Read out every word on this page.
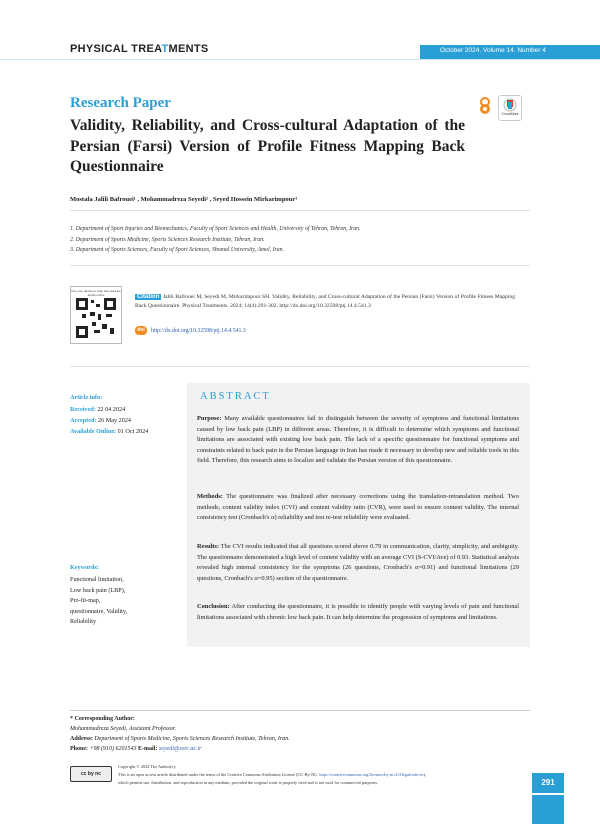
PHYSICAL TREATMENTS	October 2024. Volume 14. Number 4
Research Paper
Validity, Reliability, and Cross-cultural Adaptation of the Persian (Farsi) Version of Profile Fitness Mapping Back Questionnaire
CrossMark
Mostafa Jalili Bafrouei¹ , Mohammadreza Seyedi² , Seyed Hossein Mirkarimpour³
1. Department of Sport Injuries and Biomechanics, Faculty of Sport Sciences and Health, University of Tehran, Tehran, Iran.
2. Department of Sports Medicine, Sports Sciences Research Institute, Tehran, Iran.
3. Department of Sports Sciences, Faculty of Sport Sciences, Shomal University, Amol, Iran.
Use your device to scan and read the article online	Citation Jalili Bafrouei M, Seyedi M, Mirkarimpour SH. Validity, Reliability, and Cross-cultural Adaptation of the Persian (Farsi) Version of Profile Fitness Mapping Back Questionnaire. Physical Treatments. 2024; 14(4):291-302. http://dx.doi.org/10.32598/ptj.14.4.541.3
doi	http://dx.doi.org/10.32598/ptj.14.4.541.3
Article info:
Received: 22 04 2024
Accepted: 26 May 2024
Available Online: 01 Oct 2024
Keywords:
Functional limitation,
Low back pain (LBP),
Pro-fit-map,
questionnaire, Validity,
Reliability
ABSTRACT
Purpose: Many available questionnaires fail to distinguish between the severity of symptoms and functional limitations caused by low back pain (LBP) in different areas. Therefore, it is difficult to determine which symptoms and functional limitations are associated with existing low back pain. The lack of a specific questionnaire for functional symptoms and constraints related to back pain in the Persian language in Iran has made it necessary to develop new and reliable tools in this field. Therefore, this research aims to localize and validate the Persian version of this questionnaire.
Methods: The questionnaire was finalized after necessary corrections using the translation-retranslation method. Two methods, content validity index (CVI) and content validity ratio (CVR), were used to ensure content validity. The internal consistency test (Cronbach's α) reliability and test re-test reliability were evaluated.
Results: The CVI results indicated that all questions scored above 0.79 in communication, clarity, simplicity, and ambiguity. The questionnaire demonstrated a high level of content validity with an average CVI (S-CVI/Ave) of 0.93. Statistical analysis revealed high internal consistency for the symptoms (26 questions, Cronbach's α=0.91) and functional limitations (29 questions, Cronbach's α=0.95) section of the questionnaire.
Conclusion: After conducting the questionnaire, it is possible to identify people with varying levels of pain and functional limitations associated with chronic low back pain. It can help determine the progression of symptoms and limitations.
* Corresponding Author:
Mohammadreza Seyedi, Assistant Professor.
Address: Department of Sports Medicine, Sports Sciences Research Institute, Tehran, Iran.
Phone: +98 (910) 6201543 E-mail: seyedi@ssrc.ac.ir
cc by nc
Copyright © 2024 The Author(s);
This is an open access article distributed under the terms of the Creative Commons Attribution License (CC-By-NC: https://creativecommons.org/licenses/by-nc/4.0/legalcode.en),
which permits use, distribution, and reproduction in any medium, provided the original work is properly cited and is not used for commercial purposes.	291
